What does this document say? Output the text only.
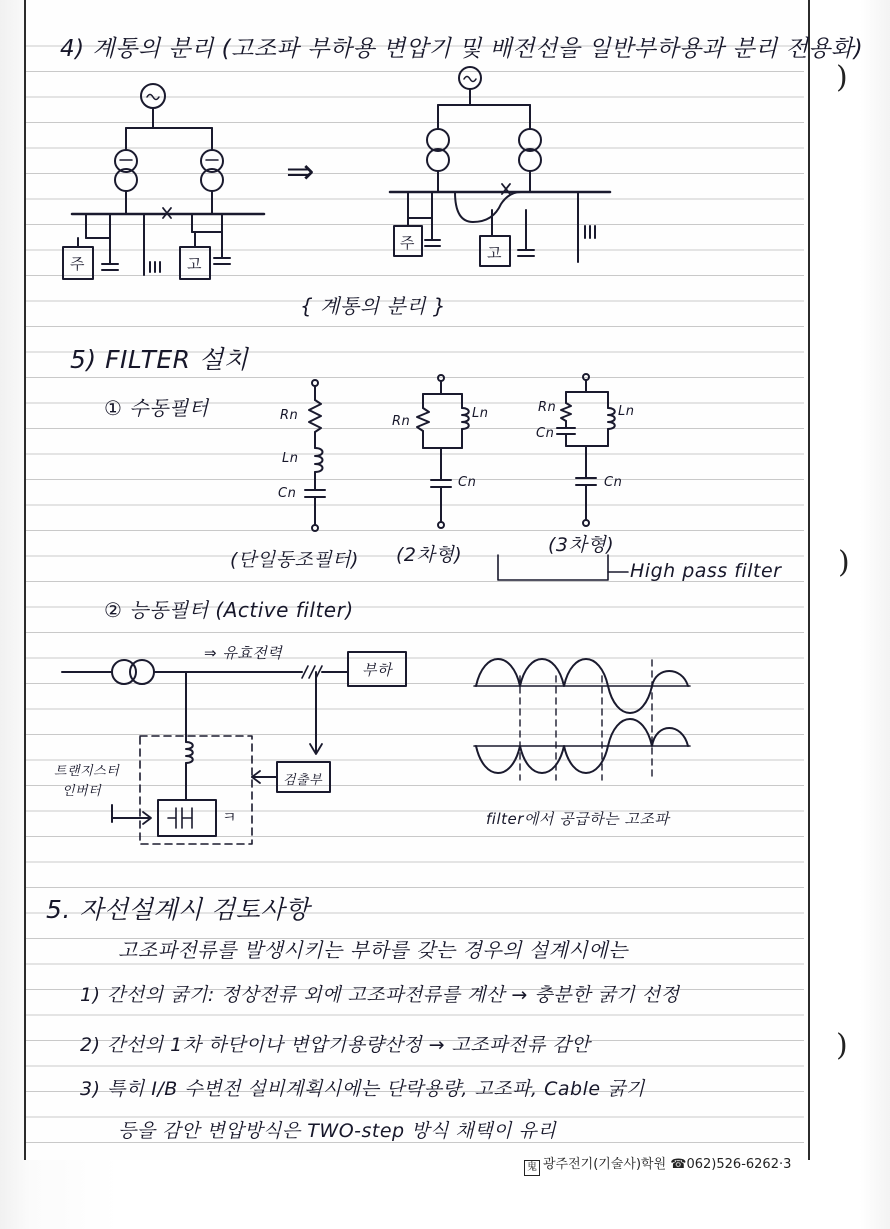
4) 계통의 분리 (고조파 부하용 변압기 및 배전선을 일반부하용과 분리 전용화)
⇒
주	고
주
고
{ 계통의 분리 }
5) FILTER 설치
① 수동필터	Rn
Ln
Cn
Rn
Ln
Cn
Rn
Cn
Ln
Cn
(단일동조필터) (2차형)	(3차형)
High pass filter
② 능동필터 (Active filter)
⇒ 유효전력
부하
검출부
트랜지스터
인버터
ㅋ	filter에서 공급하는 고조파
5. 자선설계시 검토사항
고조파전류를 발생시키는 부하를 갖는 경우의 설계시에는
1) 간선의 굵기: 정상전류 외에 고조파전류를 계산 → 충분한 굵기 선정
2) 간선의 1차 하단이나 변압기용량산정 → 고조파전류 감안
3) 특히 I/B 수변전 설비계획시에는 단락용량, 고조파, Cable 굵기
등을 감안 변압방식은 TWO-step 방식 채택이 유리
)
)
)
鬼 광주전기(기술사)학원 ☎062)526-6262·3
